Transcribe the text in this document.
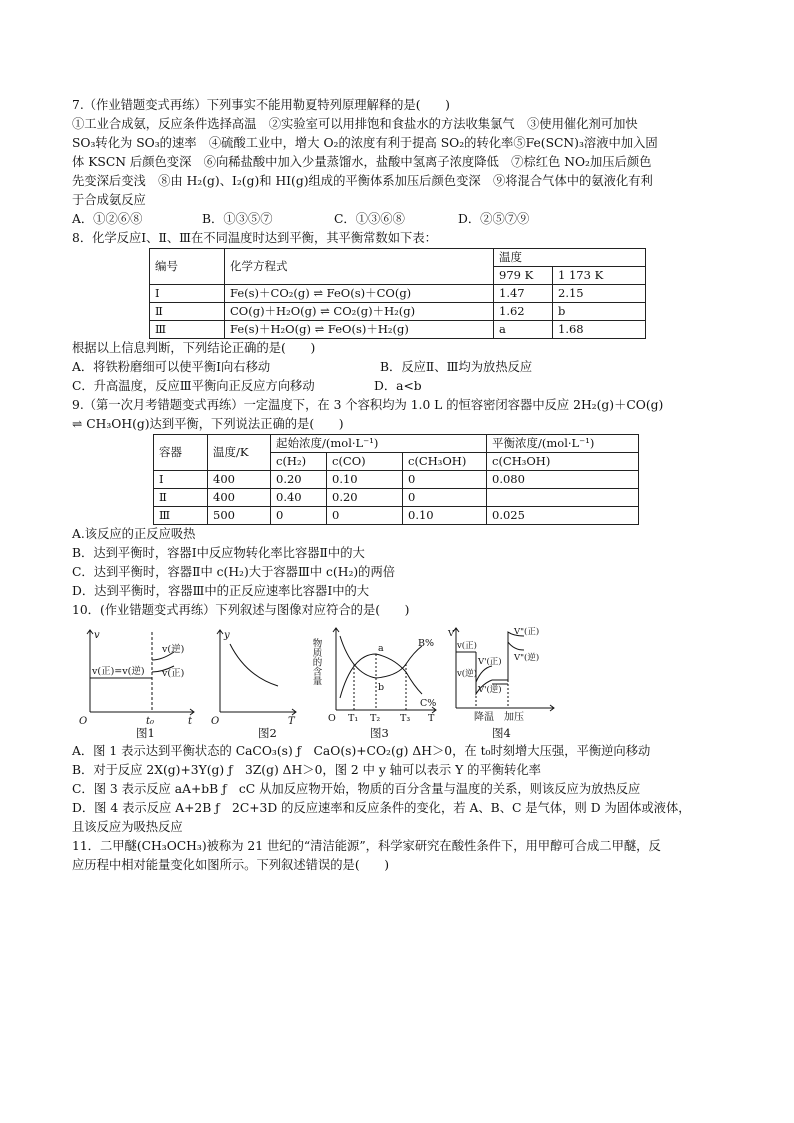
7.（作业错题变式再练）下列事实不能用勒夏特列原理解释的是(　　)
①工业合成氨，反应条件选择高温　②实验室可以用排饱和食盐水的方法收集氯气　③使用催化剂可加快
SO₃转化为 SO₃的速率　④硫酸工业中，增大 O₂的浓度有利于提高 SO₂的转化率⑤Fe(SCN)₃溶液中加入固
体 KSCN 后颜色变深　⑥向稀盐酸中加入少量蒸馏水，盐酸中氢离子浓度降低　⑦棕红色 NO₂加压后颜色
先变深后变浅　⑧由 H₂(g)、I₂(g)和 HI(g)组成的平衡体系加压后颜色变深　⑨将混合气体中的氨液化有利
于合成氨反应
A．①②⑥⑧	B．①③⑤⑦	C．①③⑥⑧	D．②⑤⑦⑨
8．化学反应Ⅰ、Ⅱ、Ⅲ在不同温度时达到平衡，其平衡常数如下表：
编号	化学方程式	温度	
		979 K	1 173 K
Ⅰ	Fe(s)＋CO₂(g) ⇌ FeO(s)＋CO(g)	1.47	2.15
Ⅱ	CO(g)＋H₂O(g) ⇌ CO₂(g)＋H₂(g)	1.62	b
Ⅲ	Fe(s)＋H₂O(g) ⇌ FeO(s)＋H₂(g)	a	1.68
根据以上信息判断，下列结论正确的是(　　)
A．将铁粉磨细可以使平衡Ⅰ向右移动	B．反应Ⅱ、Ⅲ均为放热反应
C．升高温度，反应Ⅲ平衡向正反应方向移动	D．a<b
9.（第一次月考错题变式再练）一定温度下，在 3 个容积均为 1.0 L 的恒容密闭容器中反应 2H₂(g)＋CO(g)
⇌ CH₃OH(g)达到平衡，下列说法正确的是(　　)
容器	温度/K	起始浓度/(mol·L⁻¹)			平衡浓度/(mol·L⁻¹)
		c(H₂)	c(CO)	c(CH₃OH)	c(CH₃OH)
Ⅰ	400	0.20	0.10	0	0.080
Ⅱ	400	0.40	0.20	0	
Ⅲ	500	0	0	0.10	0.025
A.该反应的正反应吸热
B．达到平衡时，容器Ⅰ中反应物转化率比容器Ⅱ中的大
C．达到平衡时，容器Ⅱ中 c(H₂)大于容器Ⅲ中 c(H₂)的两倍
D．达到平衡时，容器Ⅲ中的正反应速率比容器Ⅰ中的大
10．(作业错题变式再练）下列叙述与图像对应符合的是(　　)
v
t
O	t₀
v(正)=v(逆)
v(逆)
v(正)
图1
y
T
O
图2
物质的含量	a
b
B%
C%
O T₁ T₂ T₃ T
图3
V
v(正)
v(逆)
V'(正)
V'(逆)
V"(正)
V"(逆)
降温 加压
图4
A．图 1 表示达到平衡状态的 CaCO₃(s) ƒ　CaO(s)+CO₂(g) ΔH＞0，在 t₀时刻增大压强，平衡逆向移动
B．对于反应 2X(g)+3Y(g) ƒ　3Z(g) ΔH＞0，图 2 中 y 轴可以表示 Y 的平衡转化率
C．图 3 表示反应 aA+bB ƒ　cC 从加反应物开始，物质的百分含量与温度的关系，则该反应为放热反应
D．图 4 表示反应 A+2B ƒ　2C+3D 的反应速率和反应条件的变化，若 A、B、C 是气体，则 D 为固体或液体，
且该反应为吸热反应
11．二甲醚(CH₃OCH₃)被称为 21 世纪的“清洁能源”，科学家研究在酸性条件下，用甲醇可合成二甲醚，反
应历程中相对能量变化如图所示。下列叙述错误的是(　　)
